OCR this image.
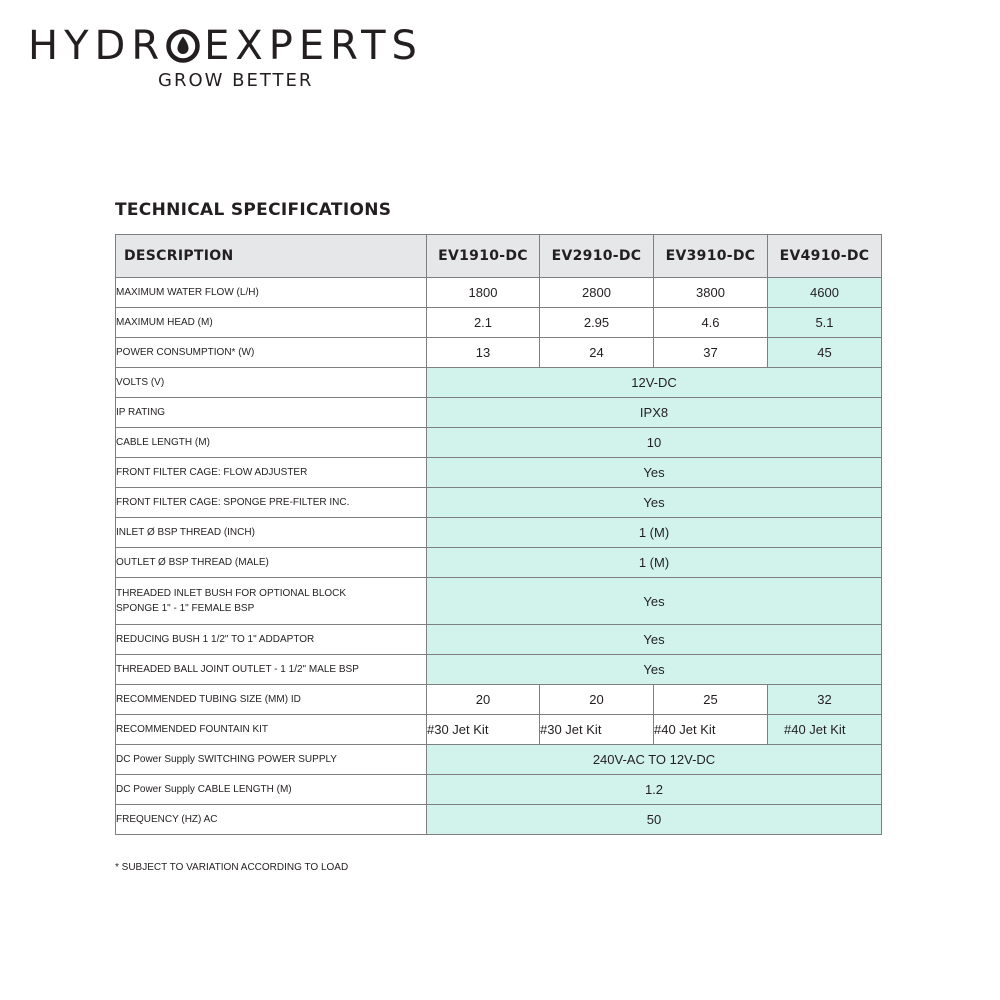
HYDR EXPERTS
GROW BETTER
TECHNICAL SPECIFICATIONS
DESCRIPTION	EV1910-DC	EV2910-DC	EV3910-DC	EV4910-DC
MAXIMUM WATER FLOW (L/H)	1800	2800	3800	4600
MAXIMUM HEAD (M)	2.1	2.95	4.6	5.1
POWER CONSUMPTION* (W)	13	24	37	45
VOLTS (V)	12V-DC			
IP RATING	IPX8			
CABLE LENGTH (M)	10			
FRONT FILTER CAGE: FLOW ADJUSTER	Yes			
FRONT FILTER CAGE: SPONGE PRE-FILTER INC.	Yes			
INLET Ø BSP THREAD (INCH)	1 (M)			
OUTLET Ø BSP THREAD (MALE)	1 (M)			
THREADED INLET BUSH FOR OPTIONAL BLOCK
SPONGE 1" - 1" FEMALE BSP	Yes			
REDUCING BUSH 1 1/2" TO 1" ADDAPTOR	Yes			
THREADED BALL JOINT OUTLET - 1 1/2" MALE BSP	Yes			
RECOMMENDED TUBING SIZE (MM) ID	20	20	25	32
RECOMMENDED FOUNTAIN KIT	#30 Jet Kit	#30 Jet Kit	#40 Jet Kit	#40 Jet Kit
DC Power Supply SWITCHING POWER SUPPLY	240V-AC TO 12V-DC			
DC Power Supply CABLE LENGTH (M)	1.2			
FREQUENCY (HZ) AC	50			
* SUBJECT TO VARIATION ACCORDING TO LOAD
